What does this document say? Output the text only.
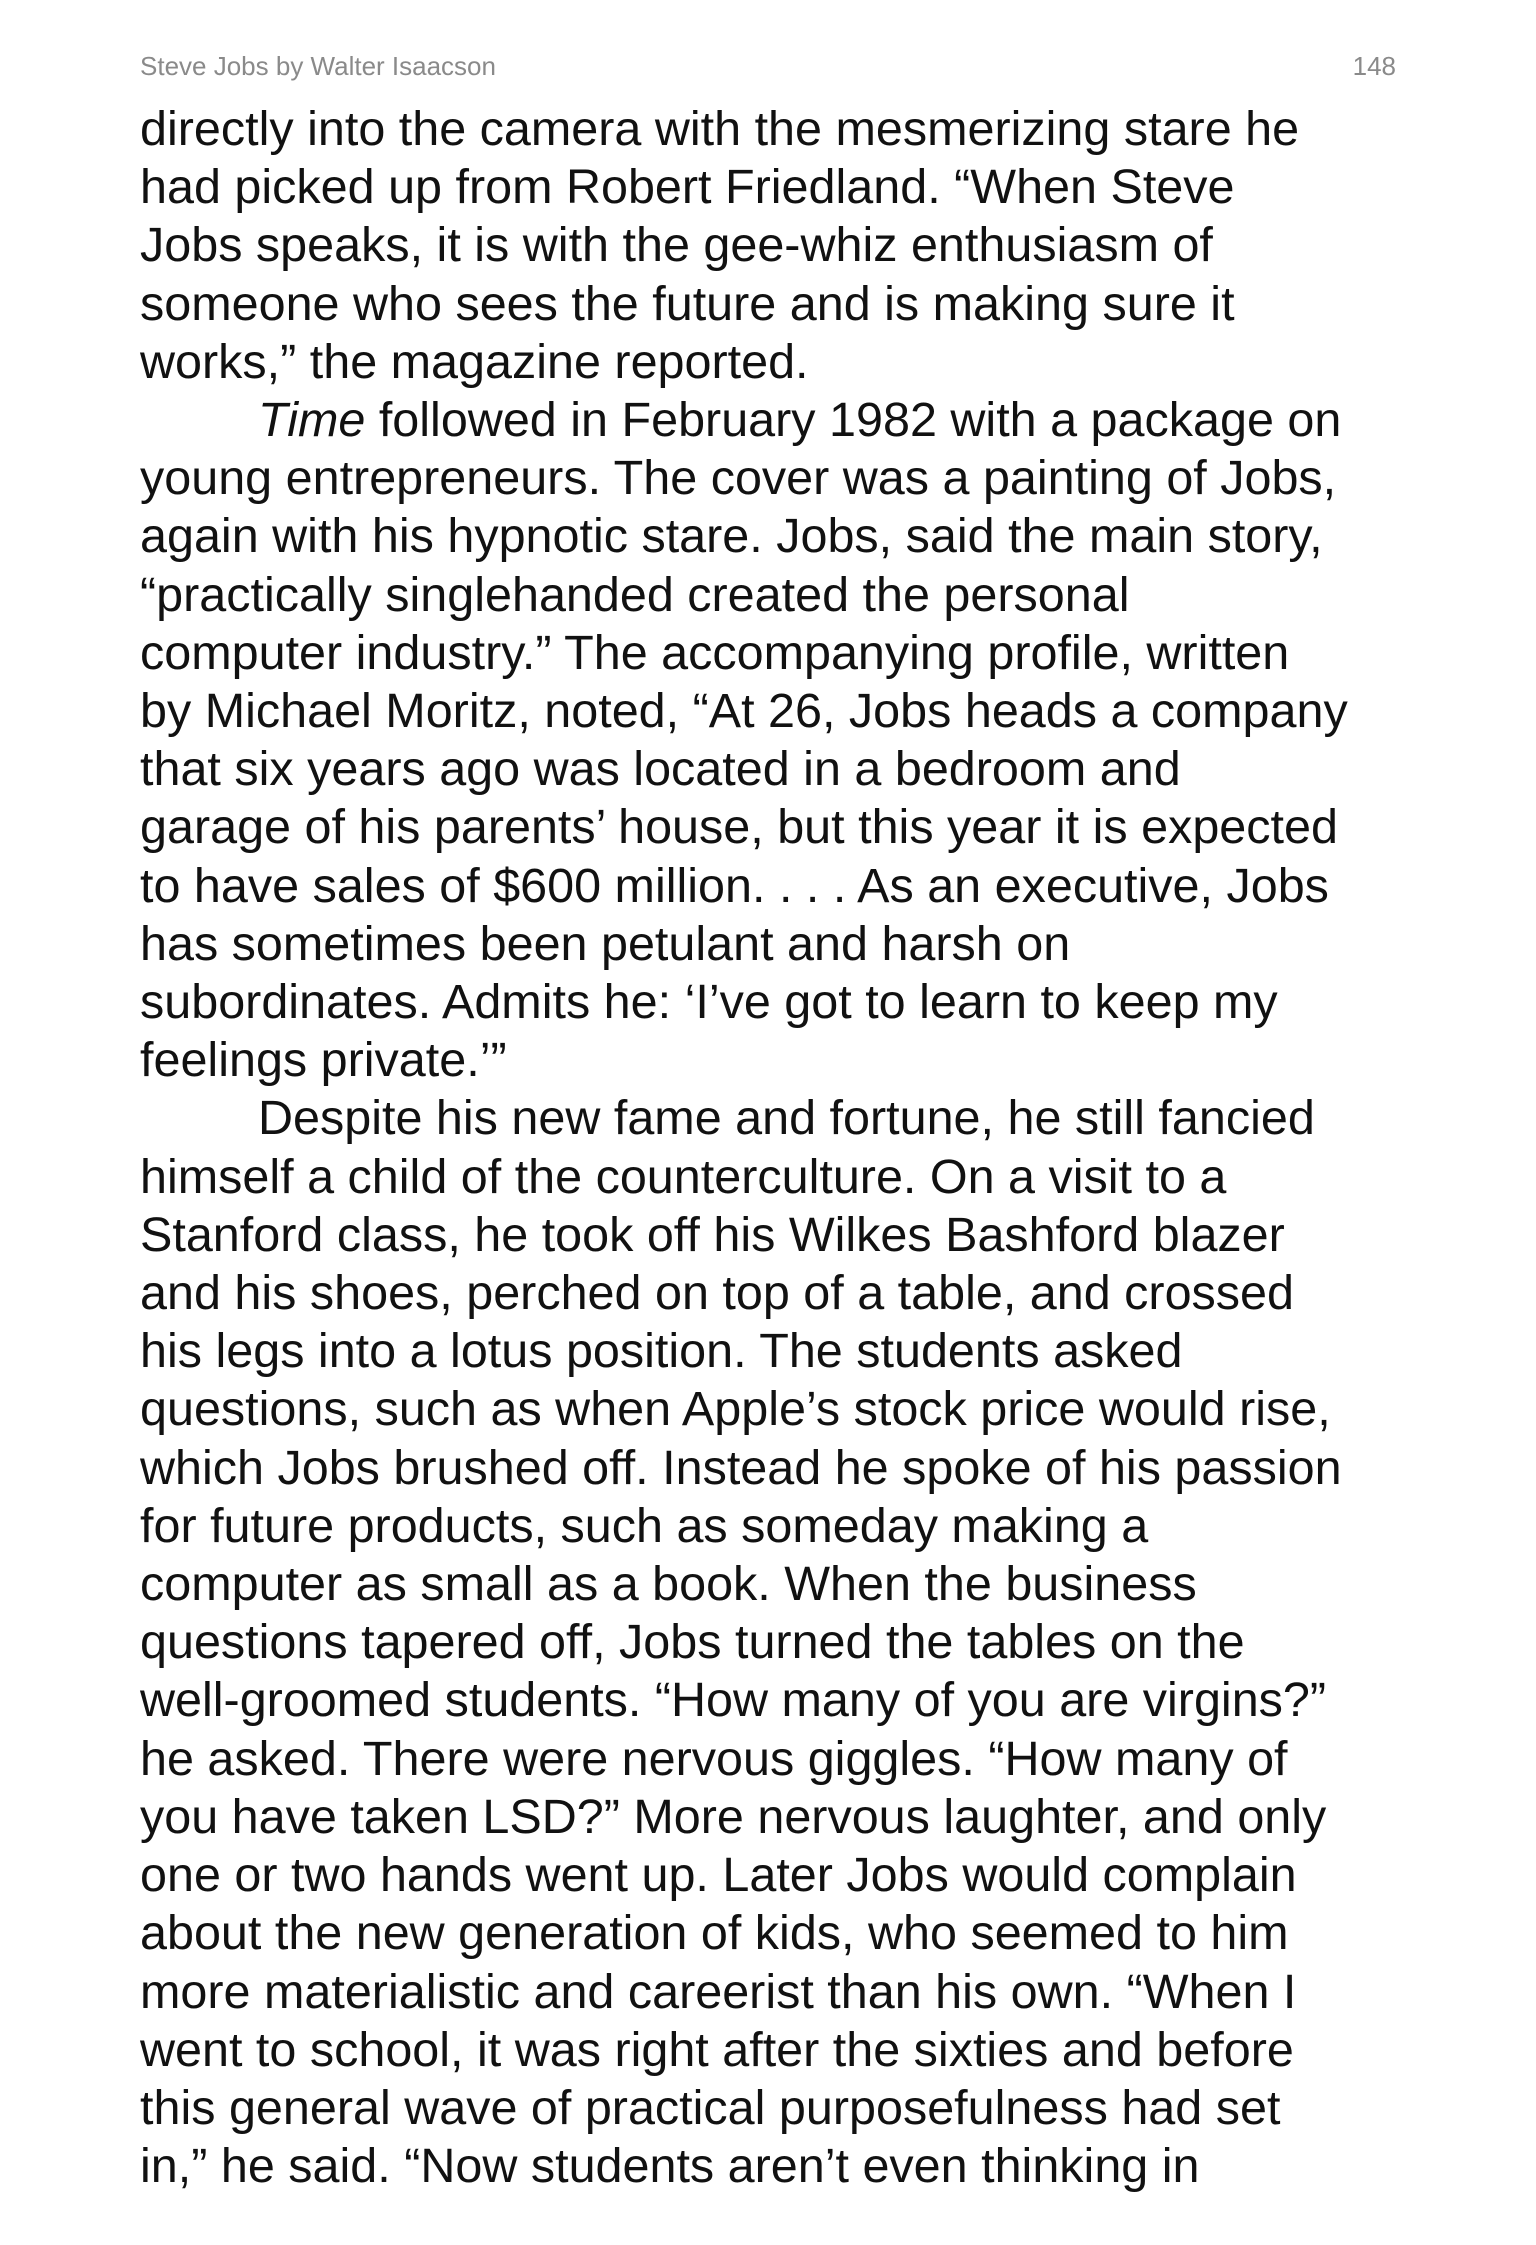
Steve Jobs by Walter Isaacson	148

directly into the camera with the mesmerizing stare he
had picked up from Robert Friedland. “When Steve
Jobs speaks, it is with the gee-whiz enthusiasm of
someone who sees the future and is making sure it
works,” the magazine reported.

Time followed in February 1982 with a package on
young entrepreneurs. The cover was a painting of Jobs,
again with his hypnotic stare. Jobs, said the main story,
“practically singlehanded created the personal
computer industry.” The accompanying profile, written
by Michael Moritz, noted, “At 26, Jobs heads a company
that six years ago was located in a bedroom and
garage of his parents’ house, but this year it is expected
to have sales of $600 million. . . . As an executive, Jobs
has sometimes been petulant and harsh on
subordinates. Admits he: ‘I’ve got to learn to keep my
feelings private.’”

Despite his new fame and fortune, he still fancied
himself a child of the counterculture. On a visit to a
Stanford class, he took off his Wilkes Bashford blazer
and his shoes, perched on top of a table, and crossed
his legs into a lotus position. The students asked
questions, such as when Apple’s stock price would rise,
which Jobs brushed off. Instead he spoke of his passion
for future products, such as someday making a
computer as small as a book. When the business
questions tapered off, Jobs turned the tables on the
well-groomed students. “How many of you are virgins?”
he asked. There were nervous giggles. “How many of
you have taken LSD?” More nervous laughter, and only
one or two hands went up. Later Jobs would complain
about the new generation of kids, who seemed to him
more materialistic and careerist than his own. “When I
went to school, it was right after the sixties and before
this general wave of practical purposefulness had set
in,” he said. “Now students aren’t even thinking in
